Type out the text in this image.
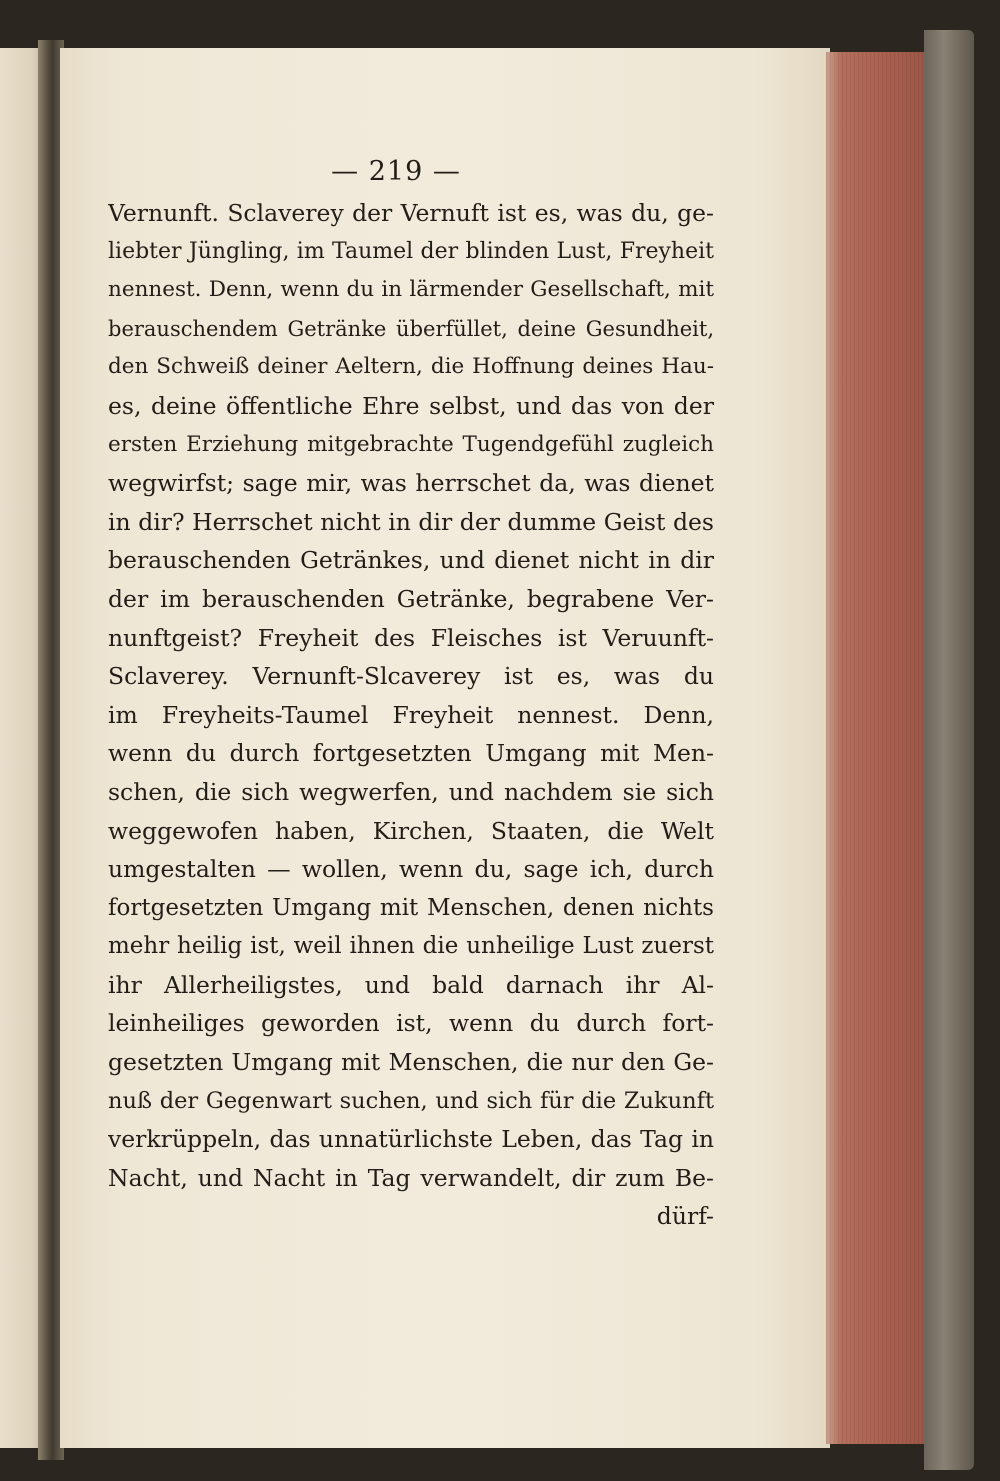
— 219 —
Vernunft. Sclaverey der Vernuft ist es, was du, ge-
liebter Jüngling, im Taumel der blinden Lust, Freyheit
nennest. Denn, wenn du in lärmender Gesellschaft, mit
berauschendem Getränke überfüllet, deine Gesundheit,
den Schweiß deiner Aeltern, die Hoffnung deines Hau-
es, deine öffentliche Ehre selbst, und das von der
ersten Erziehung mitgebrachte Tugendgefühl zugleich
wegwirfst; sage mir, was herrschet da, was dienet
in dir? Herrschet nicht in dir der dumme Geist des
berauschenden Getränkes, und dienet nicht in dir
der im berauschenden Getränke, begrabene Ver-
nunftgeist? Freyheit des Fleisches ist Veruunft-
Sclaverey. Vernunft-Slcaverey ist es, was du
im Freyheits-Taumel Freyheit nennest. Denn,
wenn du durch fortgesetzten Umgang mit Men-
schen, die sich wegwerfen, und nachdem sie sich
weggewofen haben, Kirchen, Staaten, die Welt
umgestalten — wollen, wenn du, sage ich, durch
fortgesetzten Umgang mit Menschen, denen nichts
mehr heilig ist, weil ihnen die unheilige Lust zuerst
ihr Allerheiligstes, und bald darnach ihr Al-
leinheiliges geworden ist, wenn du durch fort-
gesetzten Umgang mit Menschen, die nur den Ge-
nuß der Gegenwart suchen, und sich für die Zukunft
verkrüppeln, das unnatürlichste Leben, das Tag in
Nacht, und Nacht in Tag verwandelt, dir zum Be-
dürf-
